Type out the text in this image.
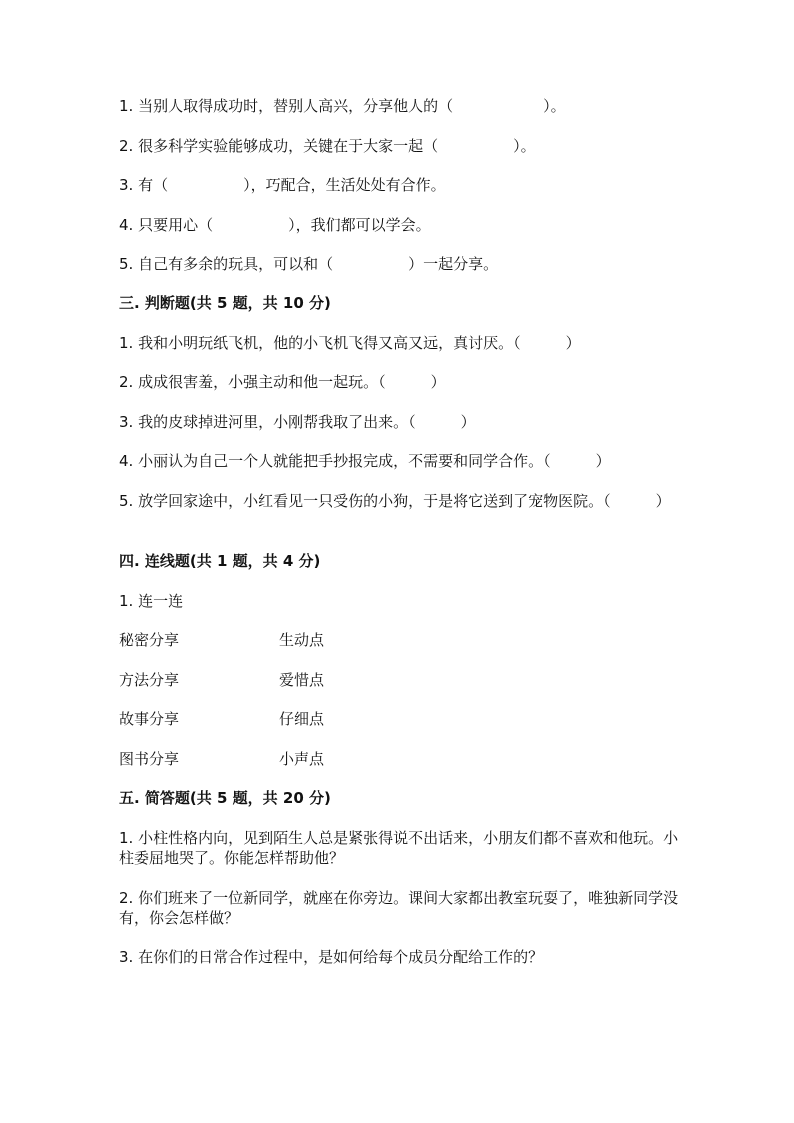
1. 当别人取得成功时，替别人高兴，分享他人的（　　　　　　）。
2. 很多科学实验能够成功，关键在于大家一起（　　　　　）。
3. 有（　　　　　），巧配合，生活处处有合作。
4. 只要用心（　　　　　），我们都可以学会。
5. 自己有多余的玩具，可以和（　　　　　）一起分享。
三. 判断题(共 5 题，共 10 分)
1. 我和小明玩纸飞机，他的小飞机飞得又高又远，真讨厌。（　　　）
2. 成成很害羞，小强主动和他一起玩。（　　　）
3. 我的皮球掉进河里，小刚帮我取了出来。（　　　）
4. 小丽认为自己一个人就能把手抄报完成，不需要和同学合作。（　　　）
5. 放学回家途中，小红看见一只受伤的小狗，于是将它送到了宠物医院。（　　　）
四. 连线题(共 1 题，共 4 分)
1. 连一连
秘密分享	生动点
方法分享	爱惜点
故事分享	仔细点
图书分享	小声点
五. 简答题(共 5 题，共 20 分)
1. 小柱性格内向，见到陌生人总是紧张得说不出话来，小朋友们都不喜欢和他玩。小柱委屈地哭了。你能怎样帮助他？
2. 你们班来了一位新同学，就座在你旁边。课间大家都出教室玩耍了，唯独新同学没有，你会怎样做？
3. 在你们的日常合作过程中，是如何给每个成员分配给工作的？
